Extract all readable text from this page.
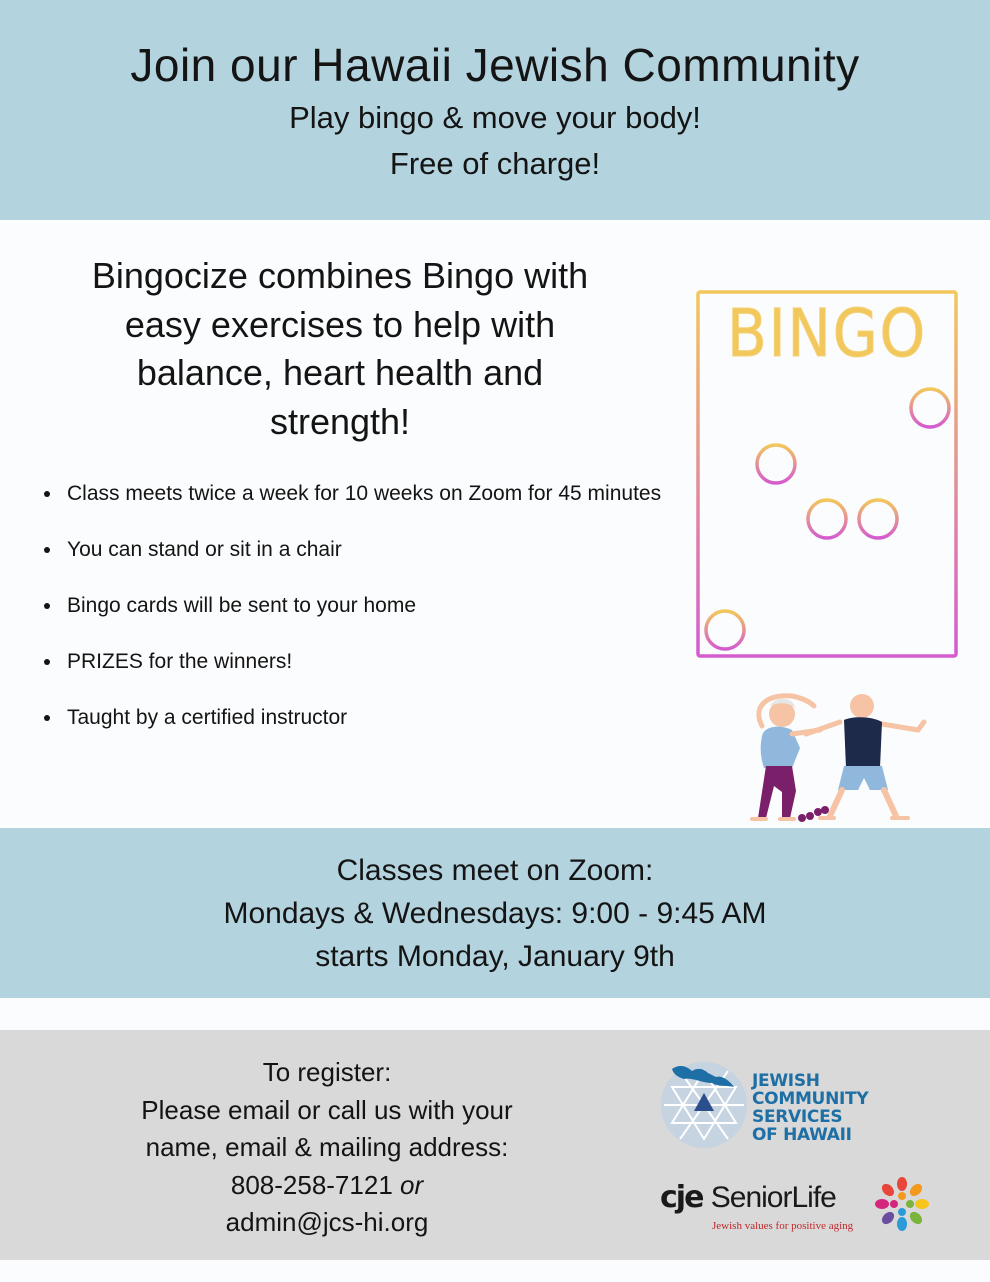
Join our Hawaii Jewish Community

Play bingo & move your body!

Free of charge!

Bingocize combines Bingo with
easy exercises to help with
balance, heart health and
strength!
Class meets twice a week for 10 weeks on Zoom for 45 minutes
You can stand or sit in a chair
Bingo cards will be sent to your home
PRIZES for the winners!
Taught by a certified instructor
BINGO

Classes meet on Zoom:

Mondays & Wednesdays: 9:00 - 9:45 AM

starts Monday, January 9th

To register:
Please email or call us with your
name, email & mailing address:
808-258-7121 or
admin@jcs-hi.org
JEWISH
COMMUNITY
SERVICES
OF HAWAII
cje SeniorLife
Jewish values for positive aging
